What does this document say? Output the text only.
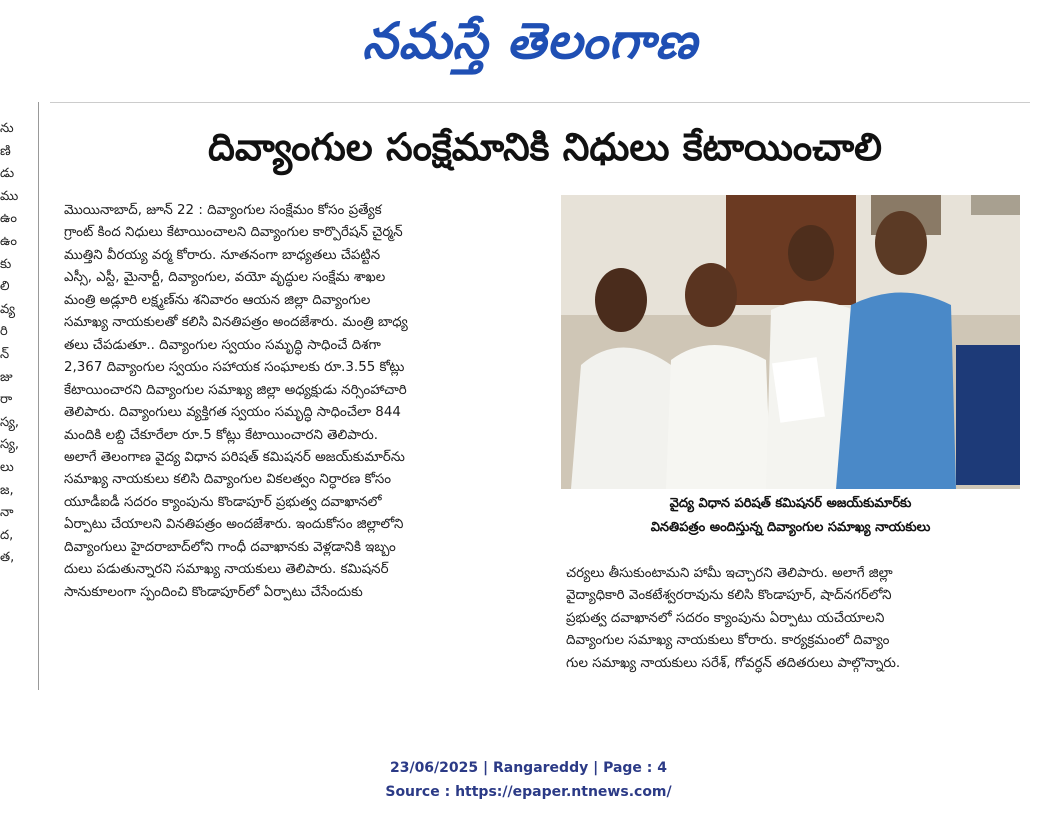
నమస్తే తెలంగాణ
ను
ణి
డు
ము
ఉం
ఉం
కు
లి
వ్య
రి
న్
జు
రా
స్య,
స్య,
లు
జ,
నా
ద,
త,
దివ్యాంగుల సంక్షేమానికి నిధులు కేటాయించాలి

మొయినాబాద్, జూన్ 22 : దివ్యాంగుల సంక్షేమం కోసం ప్రత్యేక

గ్రాంట్ కింద నిధులు కేటాయించాలని దివ్యాంగుల కార్పొరేషన్ చైర్మన్

ముత్తిని వీరయ్య వర్మ కోరారు. నూతనంగా బాధ్యతలు చేపట్టిన

ఎస్సీ, ఎస్టీ, మైనార్టీ, దివ్యాంగుల, వయో వృద్ధుల సంక్షేమ శాఖల

మంత్రి అడ్లూరి లక్ష్మణ్‌ను శనివారం ఆయన జిల్లా దివ్యాంగుల

సమాఖ్య నాయకులతో కలిసి వినతిపత్రం అందజేశారు. మంత్రి బాధ్య

తలు చేపడుతూ.. దివ్యాంగుల స్వయం సమృద్ధి సాధించే దిశగా

2,367 దివ్యాంగుల స్వయం సహాయక సంఘాలకు రూ.3.55 కోట్లు

కేటాయించారని దివ్యాంగుల సమాఖ్య జిల్లా అధ్యక్షుడు నర్సింహాచారి

తెలిపారు. దివ్యాంగులు వ్యక్తిగత స్వయం సమృద్ధి సాధించేలా 844

మందికి లబ్ది చేకూరేలా రూ.5 కోట్లు కేటాయించారని తెలిపారు.

అలాగే తెలంగాణ వైద్య విధాన పరిషత్ కమిషనర్ అజయ్‌కుమార్‌ను

సమాఖ్య నాయకులు కలిసి దివ్యాంగుల వికలత్వం నిర్ధారణ కోసం

యూడీఐడీ సదరం క్యాంపును కొండాపూర్ ప్రభుత్వ దవాఖానలో

ఏర్పాటు చేయాలని వినతిపత్రం అందజేశారు. ఇందుకోసం జిల్లాలోని

దివ్యాంగులు హైదరాబాద్‌లోని గాంధీ దవాఖానకు వెళ్లడానికి ఇబ్బం

దులు పడుతున్నారని సమాఖ్య నాయకులు తెలిపారు. కమిషనర్

సానుకూలంగా స్పందించి కొండాపూర్‌లో ఏర్పాటు చేసేందుకు

వైద్య విధాన పరిషత్ కమిషనర్ అజయ్‌కుమార్‌కు
వినతిపత్రం అందిస్తున్న దివ్యాంగుల సమాఖ్య నాయకులు

చర్యలు తీసుకుంటామని హామీ ఇచ్చారని తెలిపారు. అలాగే జిల్లా

వైద్యాధికారి వెంకటేశ్వరరావును కలిసి కొండాపూర్, షాద్‌నగర్‌లోని

ప్రభుత్వ దవాఖానలో సదరం క్యాంపును ఏర్పాటు యచేయాలని

దివ్యాంగుల సమాఖ్య నాయకులు కోరారు. కార్యక్రమంలో దివ్యాం

గుల సమాఖ్య నాయకులు సరేశ్, గోవర్ధన్ తదితరులు పాల్గొన్నారు.

23/06/2025 | Rangareddy | Page : 4
Source : https://epaper.ntnews.com/
